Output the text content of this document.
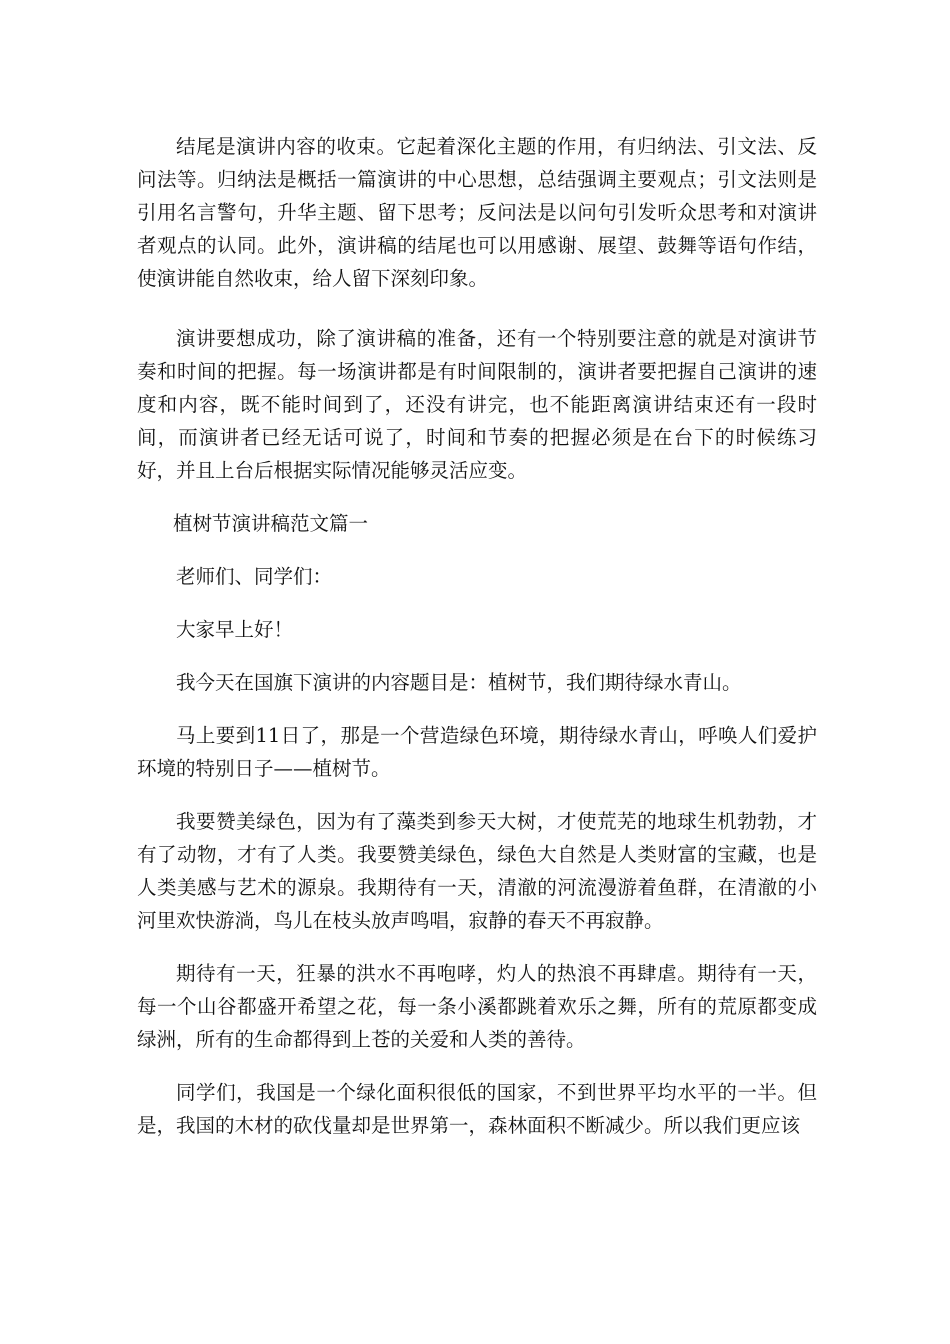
结尾是演讲内容的收束。它起着深化主题的作用，有归纳法、引文法、反问法等。归纳法是概括一篇演讲的中心思想，总结强调主要观点；引文法则是引用名言警句，升华主题、留下思考；反问法是以问句引发听众思考和对演讲者观点的认同。此外，演讲稿的结尾也可以用感谢、展望、鼓舞等语句作结，使演讲能自然收束，给人留下深刻印象。

演讲要想成功，除了演讲稿的准备，还有一个特别要注意的就是对演讲节奏和时间的把握。每一场演讲都是有时间限制的，演讲者要把握自己演讲的速度和内容，既不能时间到了，还没有讲完，也不能距离演讲结束还有一段时间，而演讲者已经无话可说了，时间和节奏的把握必须是在台下的时候练习好，并且上台后根据实际情况能够灵活应变。

植树节演讲稿范文篇一

老师们、同学们：

大家早上好！

我今天在国旗下演讲的内容题目是：植树节，我们期待绿水青山。

马上要到11日了，那是一个营造绿色环境，期待绿水青山，呼唤人们爱护环境的特别日子——植树节。

我要赞美绿色，因为有了藻类到参天大树，才使荒芜的地球生机勃勃，才有了动物，才有了人类。我要赞美绿色，绿色大自然是人类财富的宝藏，也是人类美感与艺术的源泉。我期待有一天，清澈的河流漫游着鱼群，在清澈的小河里欢快游淌，鸟儿在枝头放声鸣唱，寂静的春天不再寂静。

期待有一天，狂暴的洪水不再咆哮，灼人的热浪不再肆虐。期待有一天，每一个山谷都盛开希望之花，每一条小溪都跳着欢乐之舞，所有的荒原都变成绿洲，所有的生命都得到上苍的关爱和人类的善待。

同学们，我国是一个绿化面积很低的国家，不到世界平均水平的一半。但是，我国的木材的砍伐量却是世界第一，森林面积不断减少。所以我们更应该
